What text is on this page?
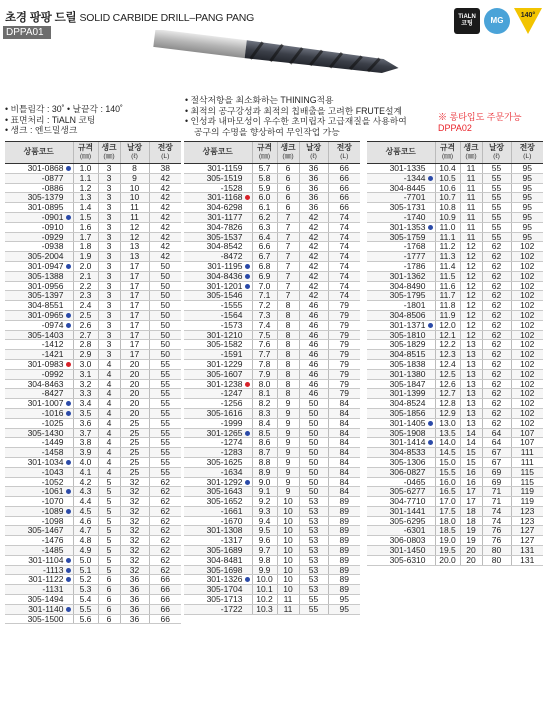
초경 팡팡 드릴 SOLID CARBIDE DRILL–PANG PANG
DPPA01
TiALN
코팅	MG
140°
• 비틀림각 : 30˚ • 날끝각 : 140˚
• 표면처리 : TiALN 코팅
• 생크 : 엔드밀생크
• 절삭저항을 최소화하는 THINING적용
• 최적의 공구강성과 최적의 칩배출을 고려한 FRUTE설계
• 인성과 내마모성이 우수한 초미립자 고급재질을 사용하여
공구의 수명을 향상하여 무인작업 가능
※ 롱타입도 주문가능 DPPA02
상품코드	규격
(㎜)	생크
(㎜)	날장
(ℓ)	전장
(L)

301-0868	1.0	3	8	38
-0877	1.1	3	9	42
-0886	1.2	3	10	42
305-1379	1.3	3	10	42
301-0895	1.4	3	11	42
-0901	1.5	3	11	42
-0910	1.6	3	12	42
-0929	1.7	3	12	42
-0938	1.8	3	13	42
305-2004	1.9	3	13	42
301-0947	2.0	3	17	50
305-1388	2.1	3	17	50
301-0956	2.2	3	17	50
305-1397	2.3	3	17	50
304-8551	2.4	3	17	50
301-0965	2.5	3	17	50
-0974	2.6	3	17	50
305-1403	2.7	3	17	50
-1412	2.8	3	17	50
-1421	2.9	3	17	50
301-0983	3.0	4	20	55
-0992	3.1	4	20	55
304-8463	3.2	4	20	55
-8427	3.3	4	20	55
301-1007	3.4	4	20	55
-1016	3.5	4	20	55
-1025	3.6	4	25	55
305-1430	3.7	4	25	55
-1449	3.8	4	25	55
-1458	3.9	4	25	55
301-1034	4.0	4	25	55
-1043	4.1	4	25	55
-1052	4.2	5	32	62
-1061	4.3	5	32	62
-1070	4.4	5	32	62
-1089	4.5	5	32	62
-1098	4.6	5	32	62
305-1467	4.7	5	32	62
-1476	4.8	5	32	62
-1485	4.9	5	32	62
301-1104	5.0	5	32	62
-1113	5.1	5	32	62
301-1122	5.2	6	36	66
-1131	5.3	6	36	66
305-1494	5.4	6	36	66
301-1140	5.5	6	36	66
305-1500	5.6	6	36	66
상품코드	규격
(㎜)	생크
(㎜)	날장
(ℓ)	전장
(L)

301-1159	5.7	6	36	66
305-1519	5.8	6	36	66
-1528	5.9	6	36	66
301-1168	6.0	6	36	66
304-6298	6.1	6	36	66
301-1177	6.2	7	42	74
304-7826	6.3	7	42	74
305-1537	6.4	7	42	74
304-8542	6.6	7	42	74
-8472	6.7	7	42	74
301-1195	6.8	7	42	74
304-8436	6.9	7	42	74
301-1201	7.0	7	42	74
305-1546	7.1	7	42	74
-1555	7.2	8	46	79
-1564	7.3	8	46	79
-1573	7.4	8	46	79
301-1210	7.5	8	46	79
305-1582	7.6	8	46	79
-1591	7.7	8	46	79
301-1229	7.8	8	46	79
305-1607	7.9	8	46	79
301-1238	8.0	8	46	79
-1247	8.1	8	46	79
-1256	8.2	9	50	84
305-1616	8.3	9	50	84
-1999	8.4	9	50	84
301-1265	8.5	9	50	84
-1274	8.6	9	50	84
-1283	8.7	9	50	84
305-1625	8.8	9	50	84
-1634	8.9	9	50	84
301-1292	9.0	9	50	84
305-1643	9.1	9	50	84
305-1652	9.2	10	53	89
-1661	9.3	10	53	89
-1670	9.4	10	53	89
301-1308	9.5	10	53	89
-1317	9.6	10	53	89
305-1689	9.7	10	53	89
304-8481	9.8	10	53	89
305-1698	9.9	10	53	89
301-1326	10.0	10	53	89
305-1704	10.1	10	53	89
305-1713	10.2	11	55	95
-1722	10.3	11	55	95
상품코드	규격
(㎜)	생크
(㎜)	날장
(ℓ)	전장
(L)

301-1335	10.4	11	55	95
-1344	10.5	11	55	95
304-8445	10.6	11	55	95
-7701	10.7	11	55	95
305-1731	10.8	11	55	95
-1740	10.9	11	55	95
301-1353	11.0	11	55	95
305-1759	11.1	11	55	95
-1768	11.2	12	62	102
-1777	11.3	12	62	102
-1786	11.4	12	62	102
301-1362	11.5	12	62	102
304-8490	11.6	12	62	102
305-1795	11.7	12	62	102
-1801	11.8	12	62	102
304-8506	11.9	12	62	102
301-1371	12.0	12	62	102
305-1810	12.1	12	62	102
305-1829	12.2	13	62	102
304-8515	12.3	13	62	102
305-1838	12.4	13	62	102
301-1380	12.5	13	62	102
305-1847	12.6	13	62	102
301-1399	12.7	13	62	102
304-8524	12.8	13	62	102
305-1856	12.9	13	62	102
301-1405	13.0	13	62	102
305-1908	13.5	14	64	107
301-1414	14.0	14	64	107
304-8533	14.5	15	67	111
305-1306	15.0	15	67	111
306-0827	15.5	16	69	115
-0465	16.0	16	69	115
305-6277	16.5	17	71	119
304-7710	17.0	17	71	119
301-1441	17.5	18	74	123
305-6295	18.0	18	74	123
-6301	18.5	19	76	127
306-0803	19.0	19	76	127
301-1450	19.5	20	80	131
305-6310	20.0	20	80	131
